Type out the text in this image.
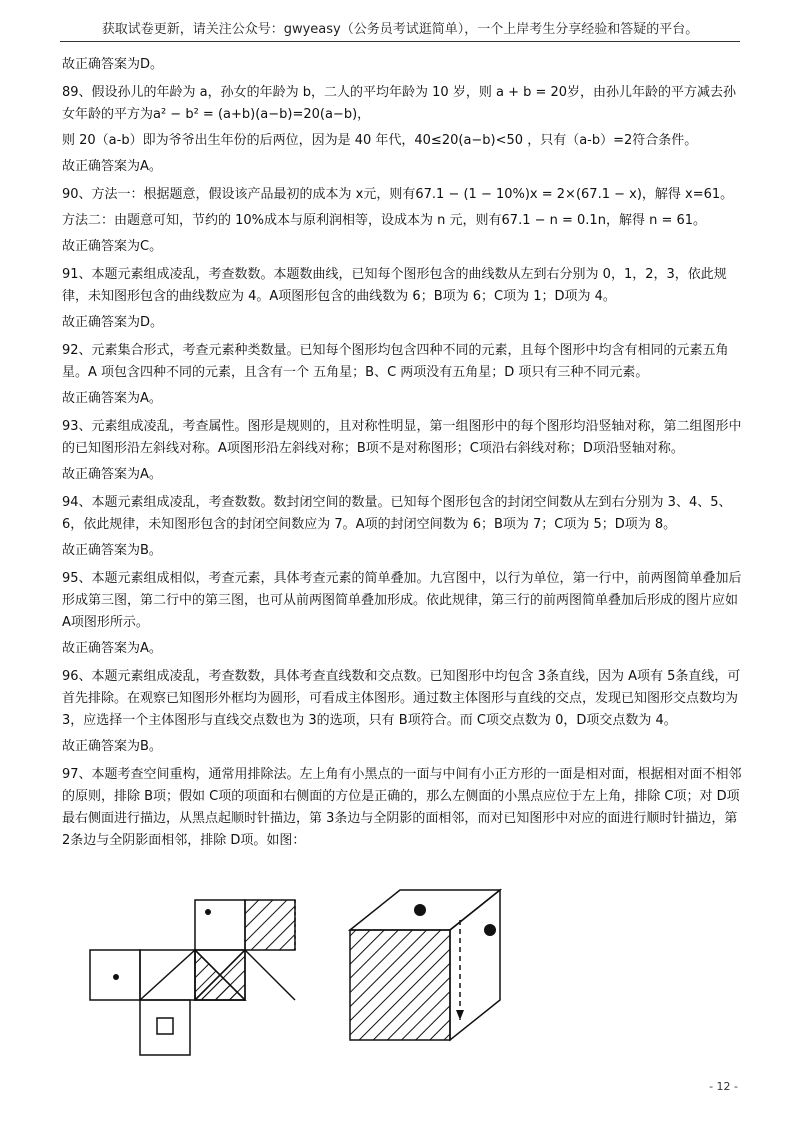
获取试卷更新，请关注公众号：gwyeasy（公务员考试逛简单），一个上岸考生分享经验和答疑的平台。
故正确答案为D。
89、假设孙儿的年龄为 a，孙女的年龄为 b，二人的平均年龄为 10 岁，则 a + b = 20岁，由孙儿年龄的平方减去孙女年龄的平方为a² − b² = (a+b)(a−b)=20(a−b)，
则 20（a-b）即为爷爷出生年份的后两位，因为是 40 年代，40≤20(a−b)<50 ，只有（a-b）=2符合条件。
故正确答案为A。
90、方法一：根据题意，假设该产品最初的成本为 x元，则有67.1 − (1 − 10%)x = 2×(67.1 − x)，解得 x=61。
方法二：由题意可知，节约的 10%成本与原利润相等，设成本为 n 元，则有67.1 − n = 0.1n，解得 n = 61。
故正确答案为C。
91、本题元素组成凌乱，考查数数。本题数曲线，已知每个图形包含的曲线数从左到右分别为 0，1，2，3，依此规律，未知图形包含的曲线数应为 4。A项图形包含的曲线数为 6；B项为 6；C项为 1；D项为 4。
故正确答案为D。
92、元素集合形式，考查元素种类数量。已知每个图形均包含四种不同的元素，且每个图形中均含有相同的元素五角星。A 项包含四种不同的元素，且含有一个 五角星；B、C 两项没有五角星；D 项只有三种不同元素。
故正确答案为A。
93、元素组成凌乱，考查属性。图形是规则的，且对称性明显，第一组图形中的每个图形均沿竖轴对称，第二组图形中的已知图形沿左斜线对称。A项图形沿左斜线对称；B项不是对称图形；C项沿右斜线对称；D项沿竖轴对称。
故正确答案为A。
94、本题元素组成凌乱，考查数数。数封闭空间的数量。已知每个图形包含的封闭空间数从左到右分别为 3、4、5、6，依此规律，未知图形包含的封闭空间数应为 7。A项的封闭空间数为 6；B项为 7；C项为 5；D项为 8。
故正确答案为B。
95、本题元素组成相似，考查元素，具体考查元素的简单叠加。九宫图中，以行为单位，第一行中，前两图简单叠加后形成第三图，第二行中的第三图，也可从前两图简单叠加形成。依此规律，第三行的前两图简单叠加后形成的图片应如 A项图形所示。
故正确答案为A。
96、本题元素组成凌乱，考查数数，具体考查直线数和交点数。已知图形中均包含 3条直线，因为 A项有 5条直线，可首先排除。在观察已知图形外框均为圆形，可看成主体图形。通过数主体图形与直线的交点，发现已知图形交点数均为 3，应选择一个主体图形与直线交点数也为 3的选项，只有 B项符合。而 C项交点数为 0，D项交点数为 4。
故正确答案为B。
97、本题考查空间重构，通常用排除法。左上角有小黑点的一面与中间有小正方形的一面是相对面，根据相对面不相邻的原则，排除 B项；假如 C项的项面和右侧面的方位是正确的，那么左侧面的小黑点应位于左上角，排除 C项；对 D项最右侧面进行描边，从黑点起顺时针描边，第 3条边与全阴影的面相邻，而对已知图形中对应的面进行顺时针描边，第 2条边与全阴影面相邻，排除 D项。如图：
- 12 -
